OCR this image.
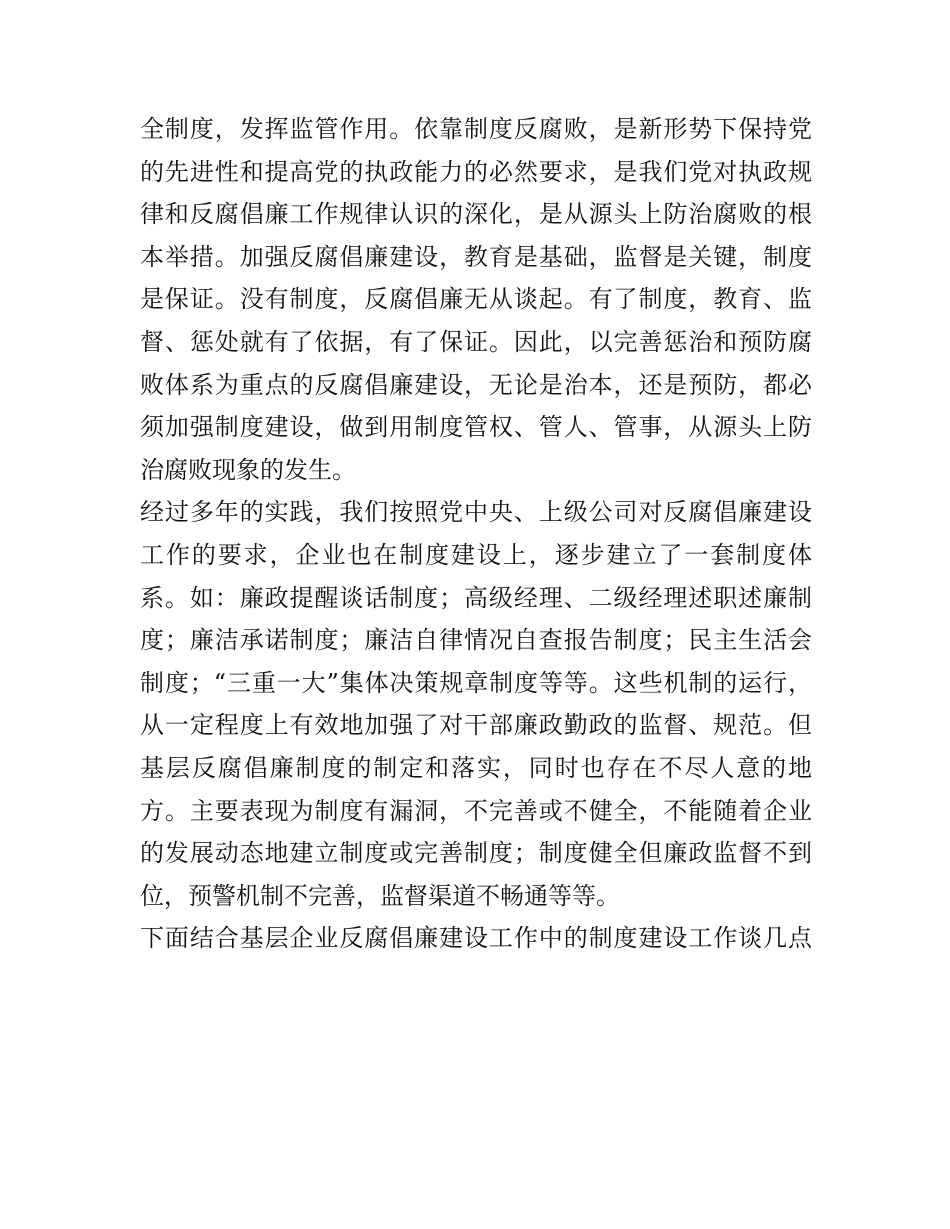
全制度，发挥监管作用。依靠制度反腐败，是新形势下保持党
的先进性和提高党的执政能力的必然要求，是我们党对执政规
律和反腐倡廉工作规律认识的深化，是从源头上防治腐败的根
本举措。加强反腐倡廉建设，教育是基础，监督是关键，制度
是保证。没有制度，反腐倡廉无从谈起。有了制度，教育、监
督、惩处就有了依据，有了保证。因此，以完善惩治和预防腐
败体系为重点的反腐倡廉建设，无论是治本，还是预防，都必
须加强制度建设，做到用制度管权、管人、管事，从源头上防
治腐败现象的发生。
经过多年的实践，我们按照党中央、上级公司对反腐倡廉建设
工作的要求，企业也在制度建设上，逐步建立了一套制度体
系。如：廉政提醒谈话制度；高级经理、二级经理述职述廉制
度；廉洁承诺制度；廉洁自律情况自查报告制度；民主生活会
制度；“三重一大”集体决策规章制度等等。这些机制的运行，
从一定程度上有效地加强了对干部廉政勤政的监督、规范。但
基层反腐倡廉制度的制定和落实，同时也存在不尽人意的地
方。主要表现为制度有漏洞，不完善或不健全，不能随着企业
的发展动态地建立制度或完善制度；制度健全但廉政监督不到
位，预警机制不完善，监督渠道不畅通等等。
下面结合基层企业反腐倡廉建设工作中的制度建设工作谈几点
